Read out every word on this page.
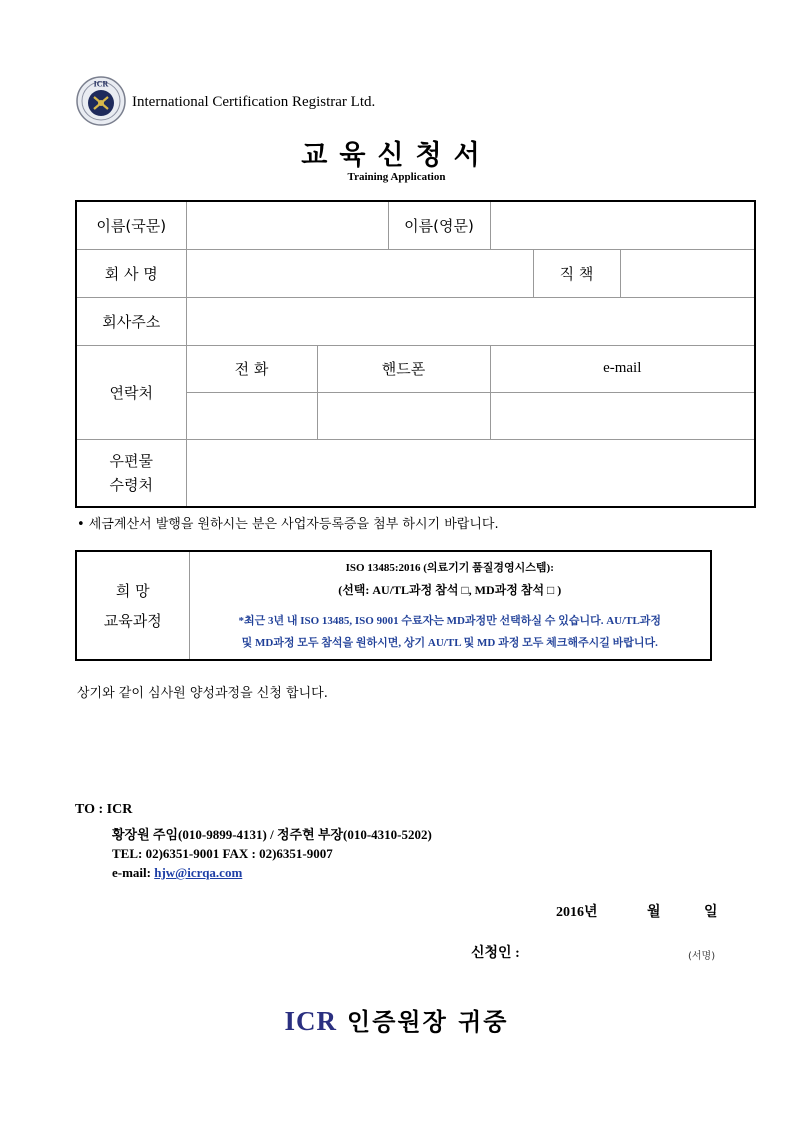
ICR
International Certification Registrar Ltd.
교육신청서
Training Application
이름(국문)			이름(영문)			
회 사 명					직 책	
회사주소						
연락처	전 화	핸드폰		e-mail		

우편물
수령처						

• 세금계산서 발행을 원하시는 분은 사업자등록증을 첨부 하시기 바랍니다.
희 망
교육과정

ISO 13485:2016 (의료기기 품질경영시스템):
(선택: AU/TL과정 참석 □, MD과정 참석 □ )
*최근 3년 내 ISO 13485, ISO 9001 수료자는 MD과정만 선택하실 수 있습니다. AU/TL과정
및 MD과정 모두 참석을 원하시면, 상기 AU/TL 및 MD 과정 모두 체크해주시길 바랍니다.
상기와 같이 심사원 양성과정을 신청 합니다.
TO : ICR
황장원 주임(010-9899-4131) / 정주현 부장(010-4310-5202)
TEL: 02)6351-9001 FAX : 02)6351-9007
e-mail: hjw@icrqa.com
2016년	월	일
신청인 :	(서명)
ICR 인증원장 귀중
